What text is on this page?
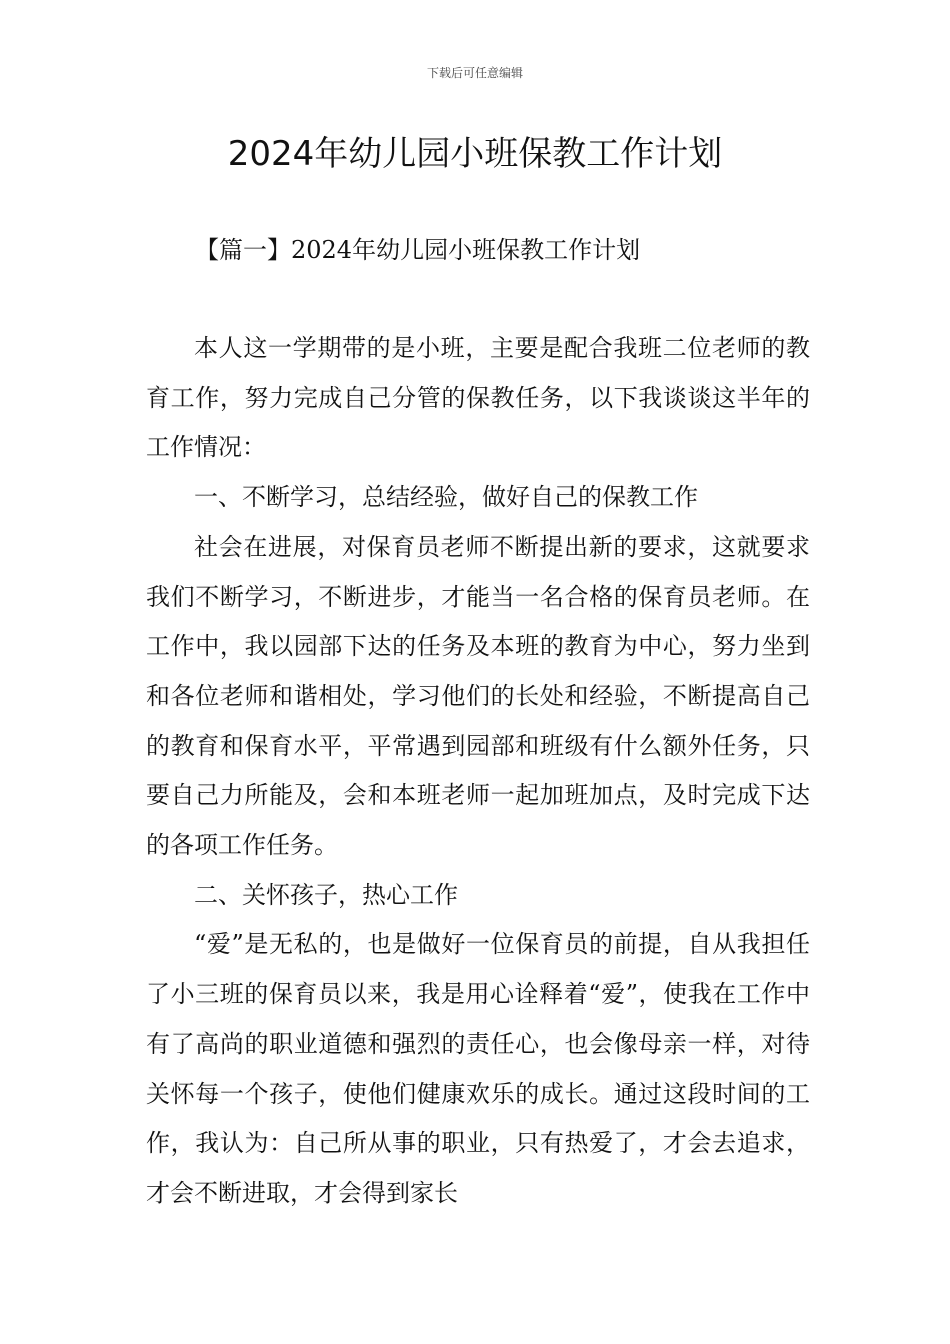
下载后可任意编辑
2024年幼儿园小班保教工作计划
【篇一】2024年幼儿园小班保教工作计划

本人这一学期带的是小班，主要是配合我班二位老师的教育工作，努力完成自己分管的保教任务，以下我谈谈这半年的工作情况：

一、不断学习，总结经验，做好自己的保教工作

社会在进展，对保育员老师不断提出新的要求，这就要求我们不断学习，不断进步，才能当一名合格的保育员老师。在工作中，我以园部下达的任务及本班的教育为中心，努力坐到和各位老师和谐相处，学习他们的长处和经验，不断提高自己的教育和保育水平，平常遇到园部和班级有什么额外任务，只要自己力所能及，会和本班老师一起加班加点，及时完成下达的各项工作任务。

二、关怀孩子，热心工作

“爱”是无私的，也是做好一位保育员的前提，自从我担任了小三班的保育员以来，我是用心诠释着“爱”，使我在工作中有了高尚的职业道德和强烈的责任心，也会像母亲一样，对待关怀每一个孩子，使他们健康欢乐的成长。通过这段时间的工作，我认为：自己所从事的职业，只有热爱了，才会去追求，才会不断进取，才会得到家长
